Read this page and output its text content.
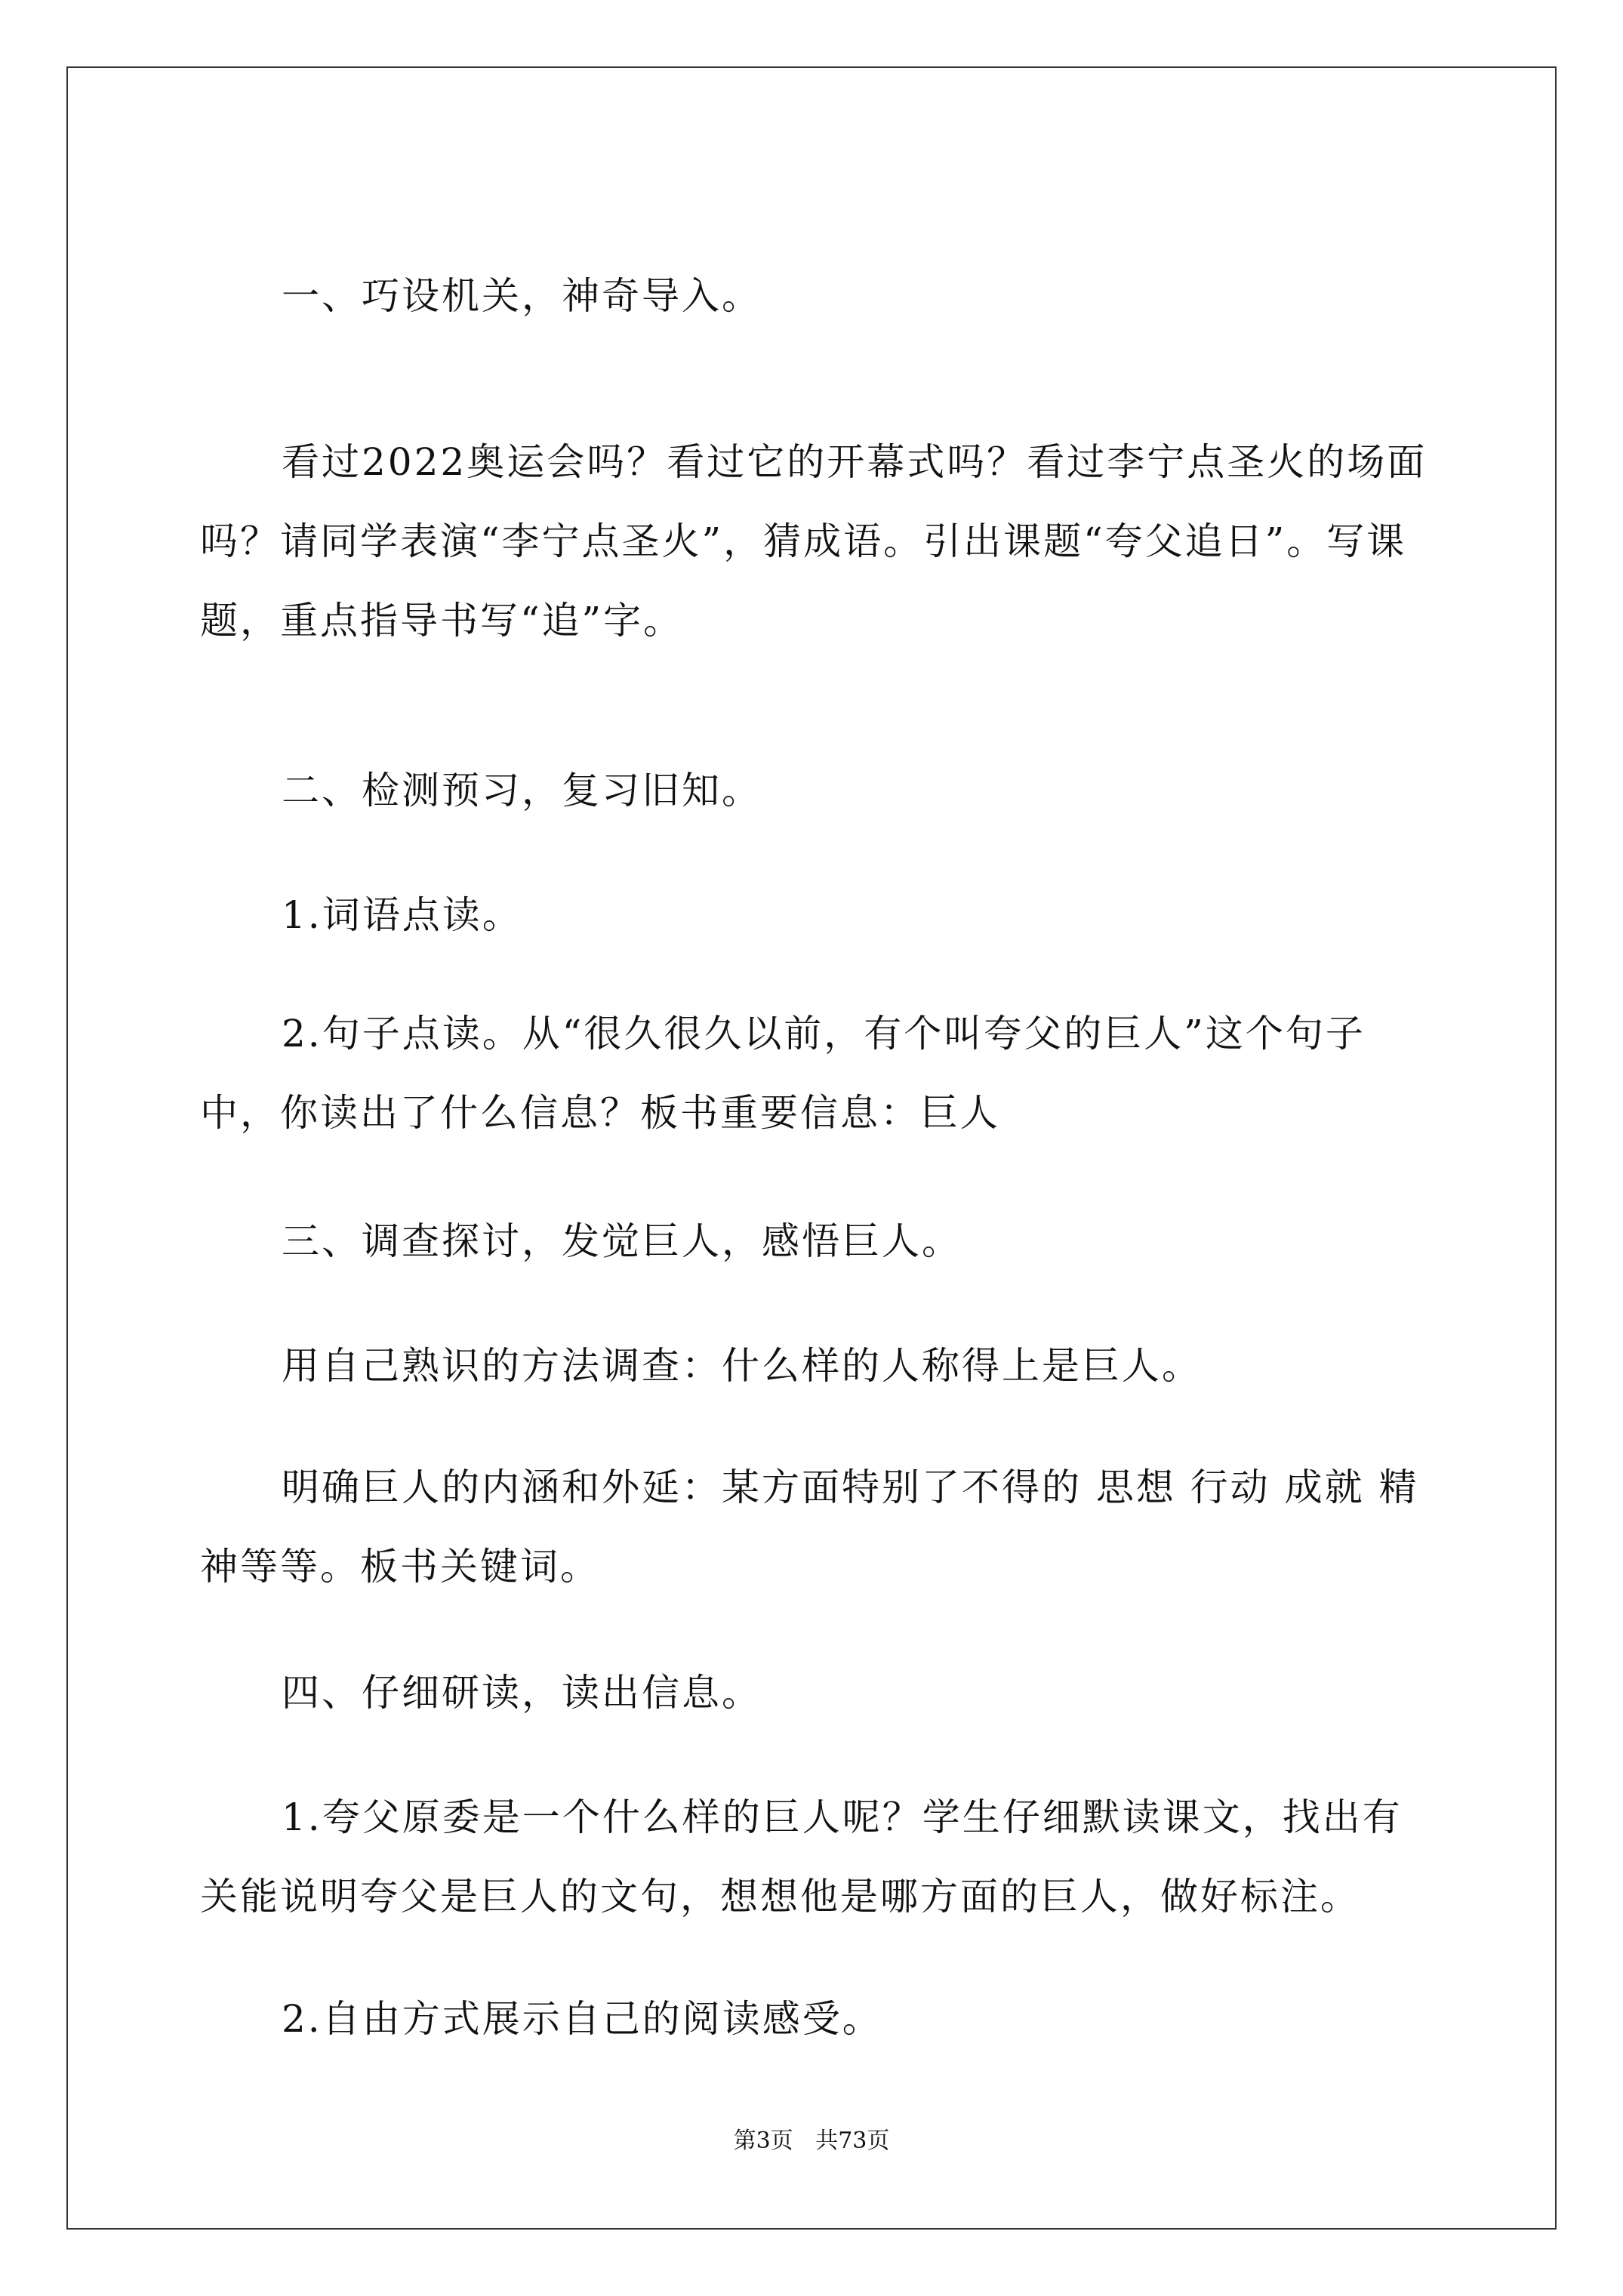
一、巧设机关，神奇导入。

看过2022奥运会吗？看过它的开幕式吗？看过李宁点圣火的场面吗？请同学表演“李宁点圣火”，猜成语。引出课题“夸父追日”。写课题，重点指导书写“追”字。

二、检测预习，复习旧知。

1.词语点读。

2.句子点读。从“很久很久以前，有个叫夸父的巨人”这个句子中，你读出了什么信息？板书重要信息：巨人

三、调查探讨，发觉巨人，感悟巨人。

用自己熟识的方法调查：什么样的人称得上是巨人。

明确巨人的内涵和外延：某方面特别了不得的 思想 行动 成就 精神等等。板书关键词。

四、仔细研读，读出信息。

1.夸父原委是一个什么样的巨人呢？学生仔细默读课文，找出有关能说明夸父是巨人的文句，想想他是哪方面的巨人，做好标注。

2.自由方式展示自己的阅读感受。

第3页 共73页
